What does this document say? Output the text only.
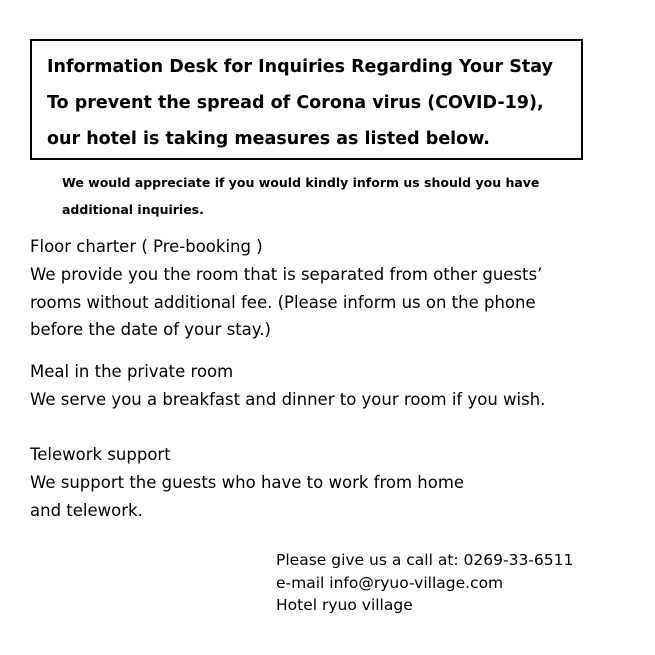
Information Desk for Inquiries Regarding Your Stay
To prevent the spread of Corona virus (COVID-19),
our hotel is taking measures as listed below.
We would appreciate if you would kindly inform us should you have
additional inquiries.
Floor charter ( Pre-booking )
We provide you the room that is separated from other guests’
rooms without additional fee. (Please inform us on the phone
before the date of your stay.)
Meal in the private room
We serve you a breakfast and dinner to your room if you wish.
Telework support
We support the guests who have to work from home
and telework.
Please give us a call at: 0269-33-6511
e-mail info@ryuo-village.com
Hotel ryuo village
